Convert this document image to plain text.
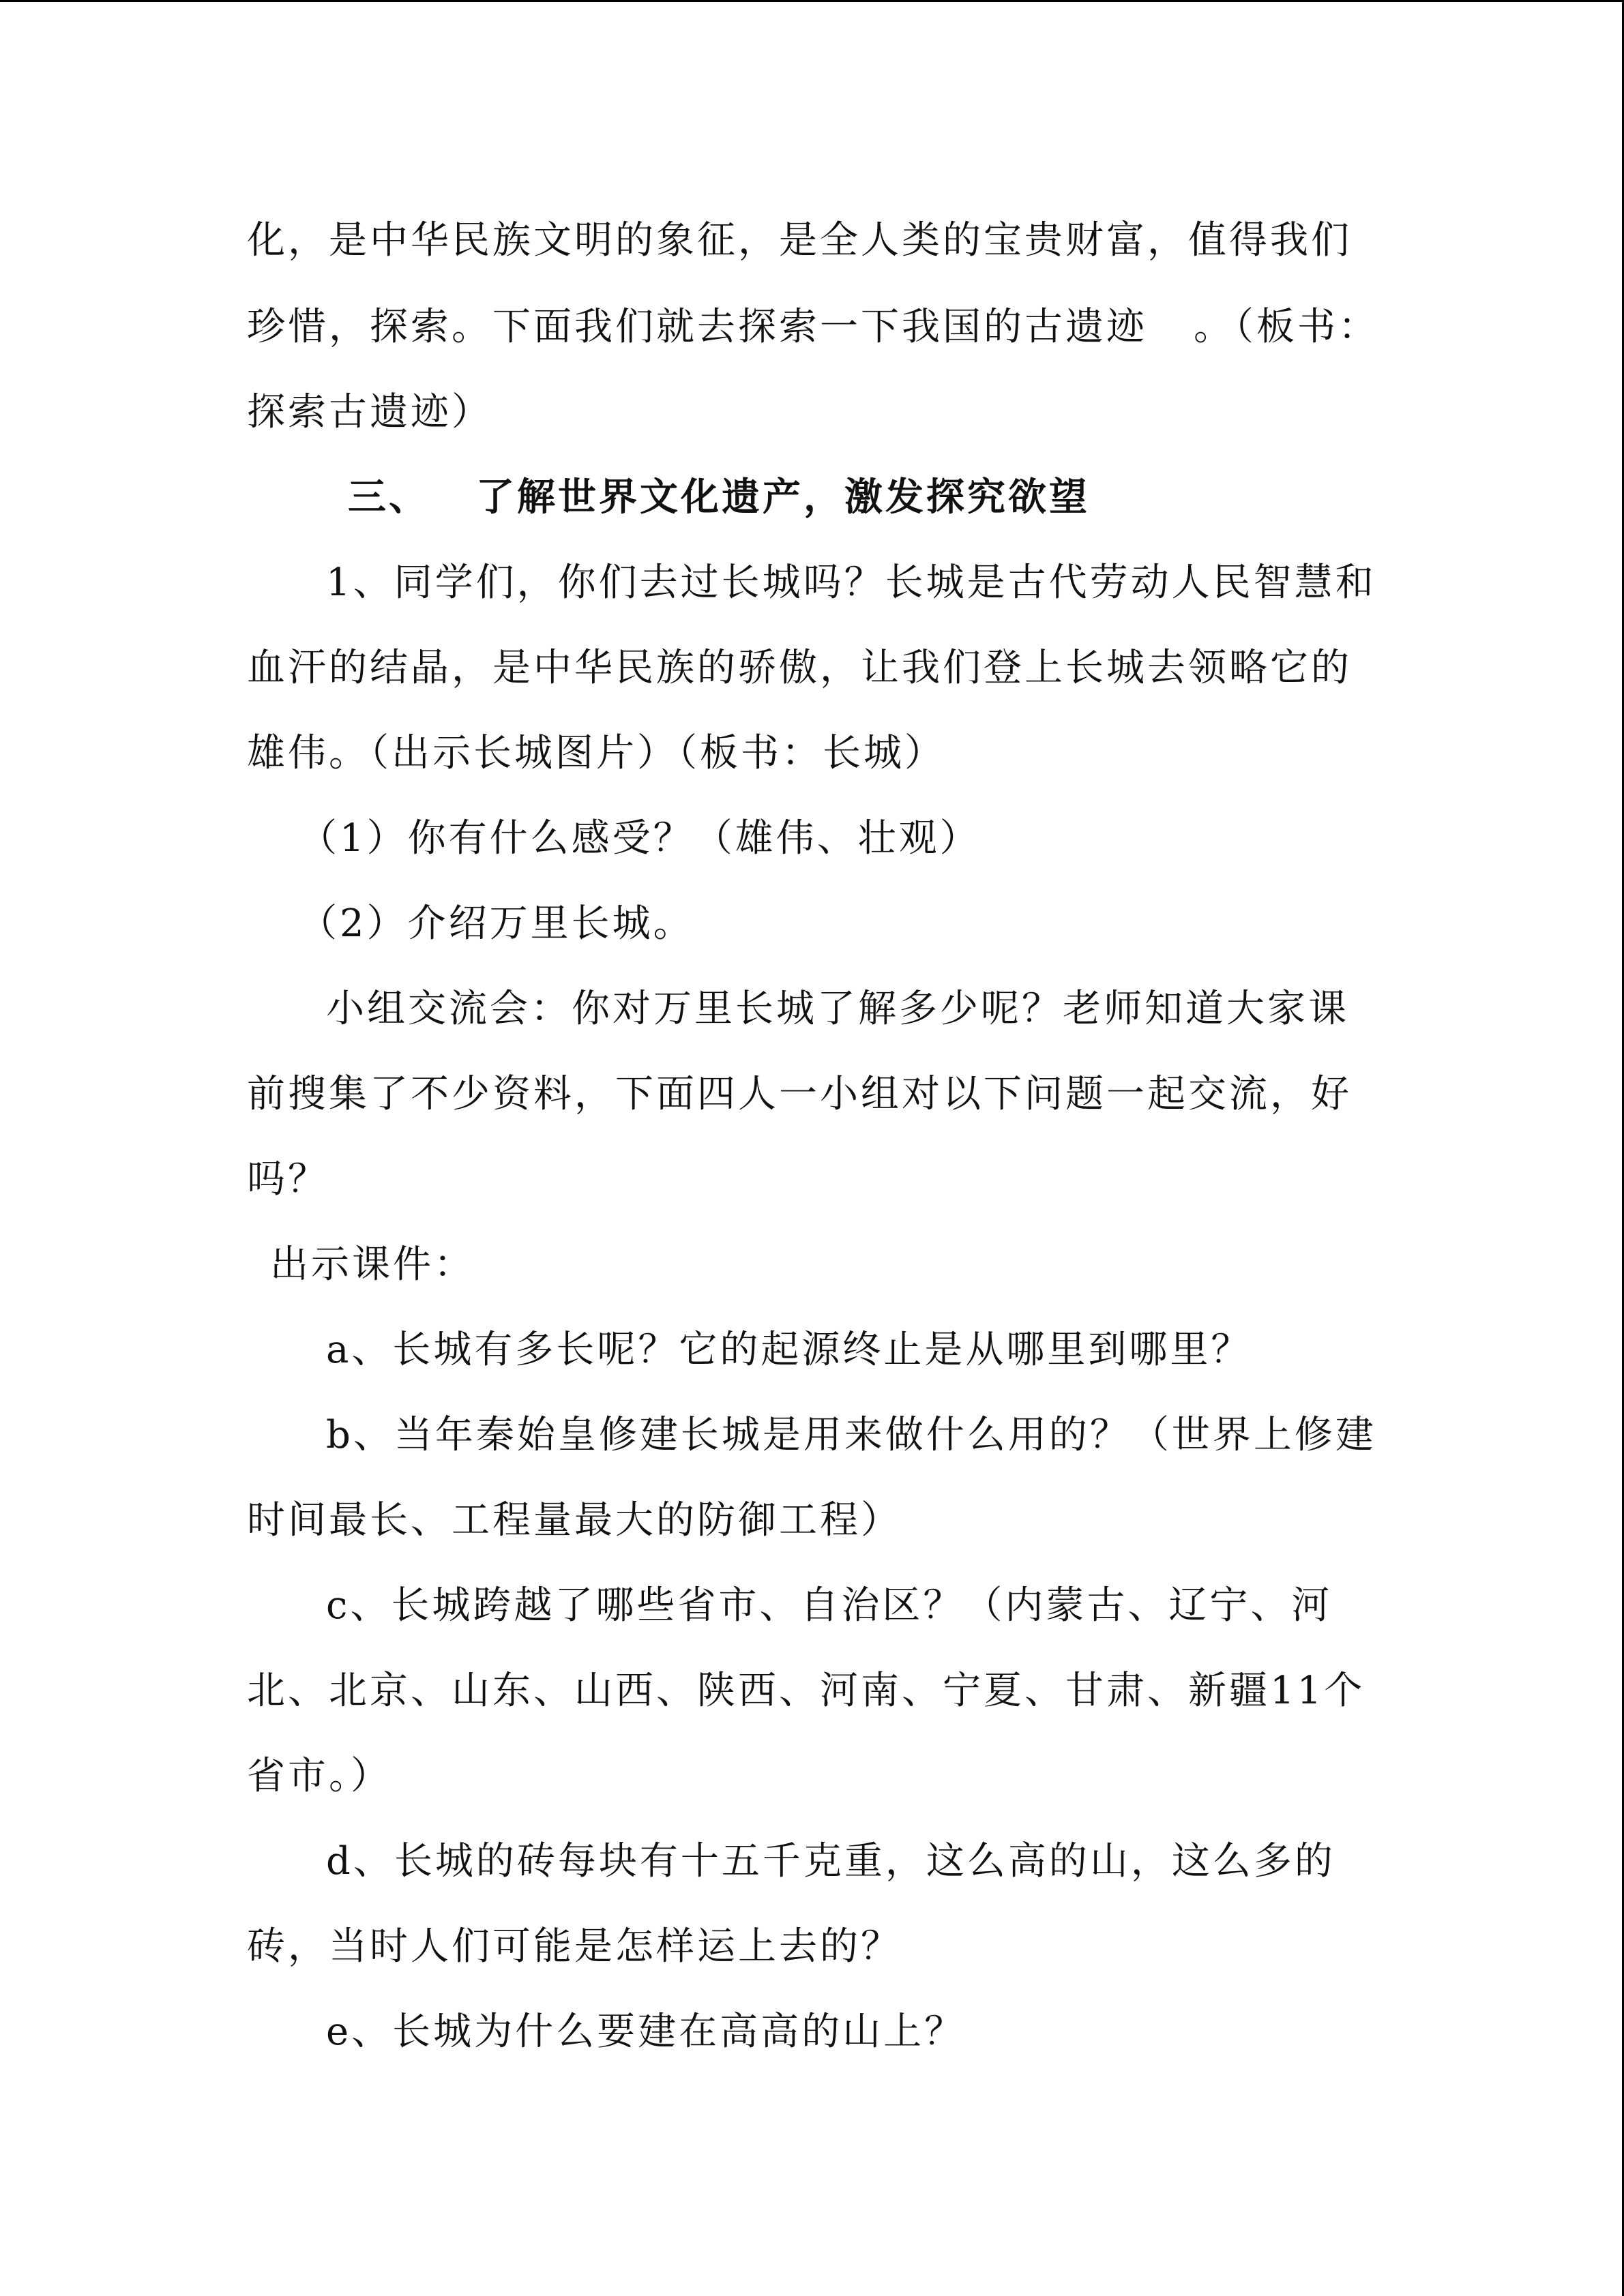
化，是中华民族文明的象征，是全人类的宝贵财富，值得我们
珍惜，探索。下面我们就去探索一下我国的古遗迹 。（板书：
探索古遗迹）
三、 了解世界文化遗产，激发探究欲望
1、同学们，你们去过长城吗？长城是古代劳动人民智慧和
血汗的结晶，是中华民族的骄傲，让我们登上长城去领略它的
雄伟。（出示长城图片）（板书：长城）
（1）你有什么感受？（雄伟、壮观）
（2）介绍万里长城。
小组交流会：你对万里长城了解多少呢？老师知道大家课
前搜集了不少资料，下面四人一小组对以下问题一起交流，好
吗？
出示课件：
a、长城有多长呢？它的起源终止是从哪里到哪里？
b、当年秦始皇修建长城是用来做什么用的？（世界上修建
时间最长、工程量最大的防御工程）
c、长城跨越了哪些省市、自治区？（内蒙古、辽宁、河
北、北京、山东、山西、陕西、河南、宁夏、甘肃、新疆11个
省市。）
d、长城的砖每块有十五千克重，这么高的山，这么多的
砖，当时人们可能是怎样运上去的？
e、长城为什么要建在高高的山上？
